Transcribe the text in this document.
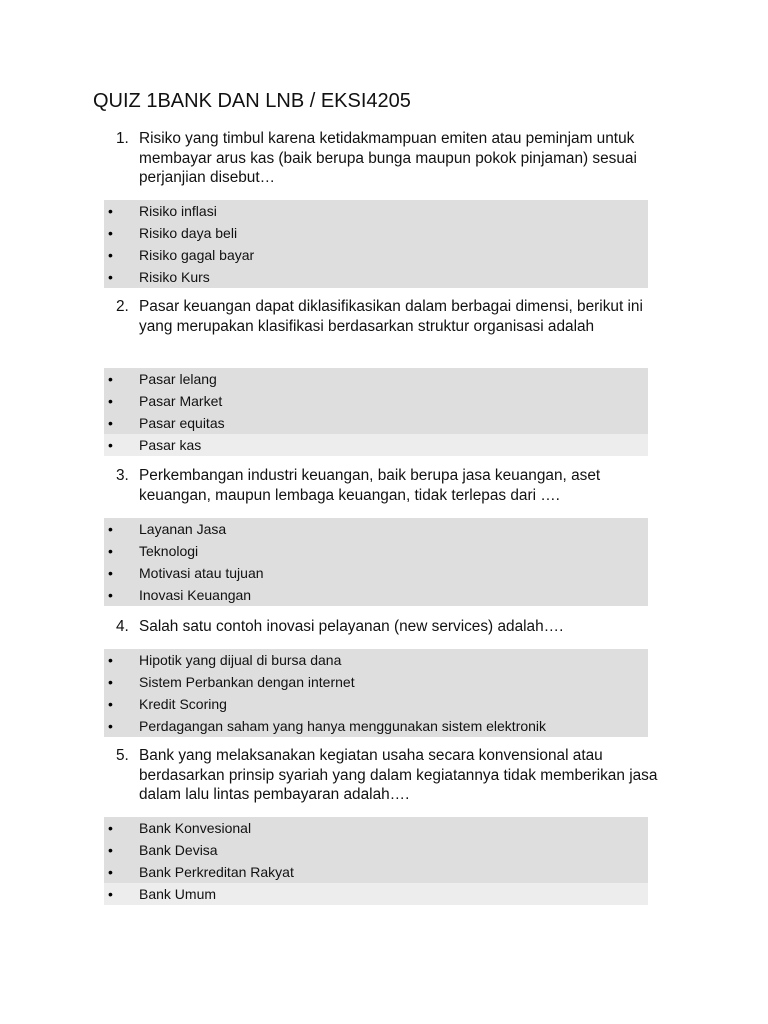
QUIZ 1BANK DAN LNB / EKSI4205
1. Risiko yang timbul karena ketidakmampuan emiten atau peminjam untuk membayar arus kas (baik berupa bunga maupun pokok pinjaman) sesuai perjanjian disebut…
• Risiko inflasi
• Risiko daya beli
• Risiko gagal bayar
• Risiko Kurs
2. Pasar keuangan dapat diklasifikasikan dalam berbagai dimensi, berikut ini yang merupakan klasifikasi berdasarkan struktur organisasi adalah
• Pasar lelang
• Pasar Market
• Pasar equitas
• Pasar kas
3. Perkembangan industri keuangan, baik berupa jasa keuangan, aset keuangan, maupun lembaga keuangan, tidak terlepas dari ….
• Layanan Jasa
• Teknologi
• Motivasi atau tujuan
• Inovasi Keuangan
4. Salah satu contoh inovasi pelayanan (new services) adalah….
• Hipotik yang dijual di bursa dana
• Sistem Perbankan dengan internet
• Kredit Scoring
• Perdagangan saham yang hanya menggunakan sistem elektronik
5. Bank yang melaksanakan kegiatan usaha secara konvensional atau berdasarkan prinsip syariah yang dalam kegiatannya tidak memberikan jasa dalam lalu lintas pembayaran adalah….
• Bank Konvesional
• Bank Devisa
• Bank Perkreditan Rakyat
• Bank Umum
